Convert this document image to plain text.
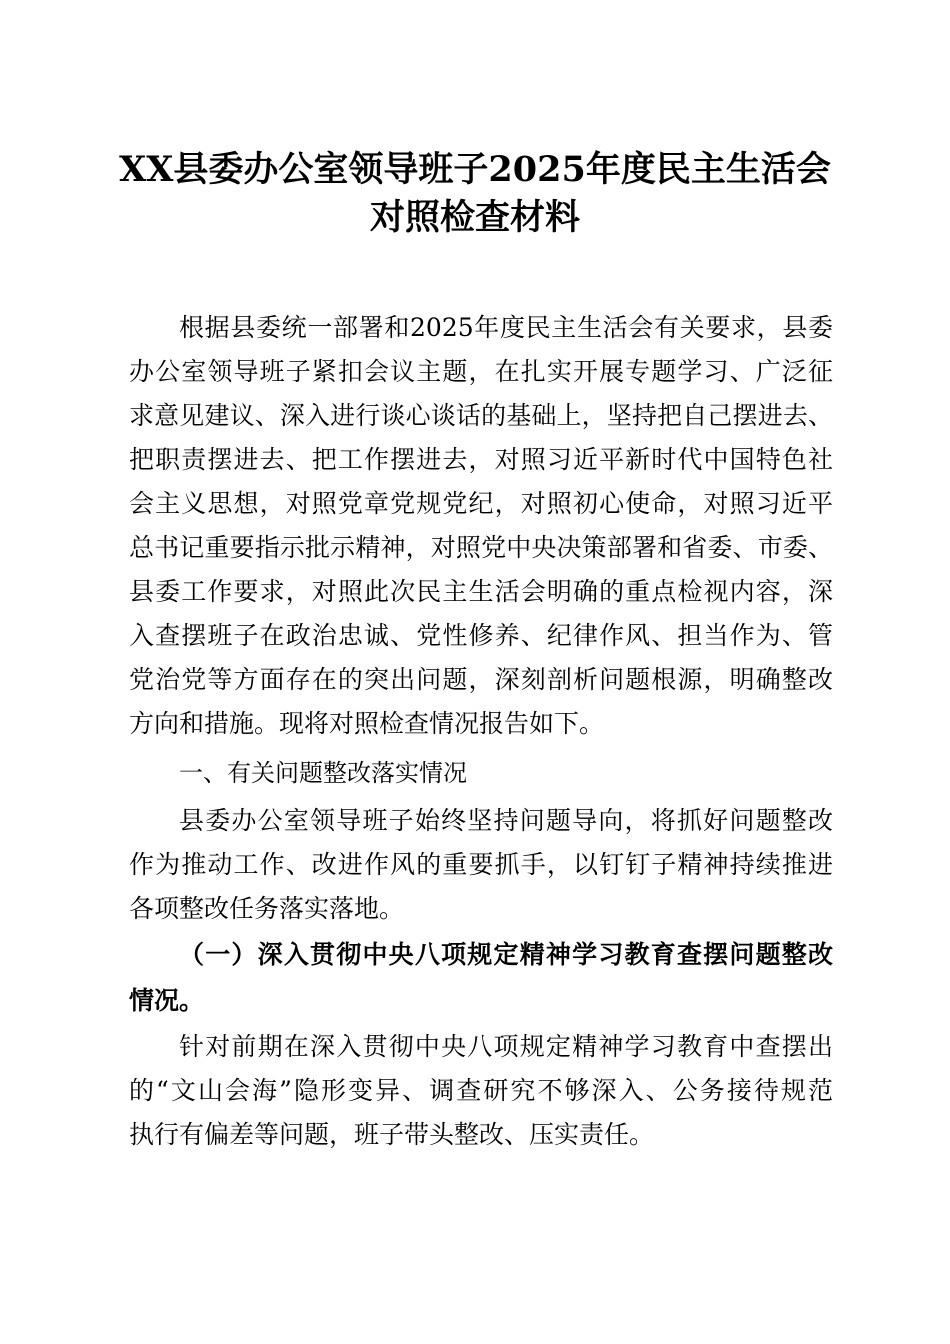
XX县委办公室领导班子2025年度民主生活会
对照检查材料
根据县委统一部署和2025年度民主生活会有关要求，县委
办公室领导班子紧扣会议主题，在扎实开展专题学习、广泛征
求意见建议、深入进行谈心谈话的基础上，坚持把自己摆进去、
把职责摆进去、把工作摆进去，对照习近平新时代中国特色社
会主义思想，对照党章党规党纪，对照初心使命，对照习近平
总书记重要指示批示精神，对照党中央决策部署和省委、市委、
县委工作要求，对照此次民主生活会明确的重点检视内容，深
入查摆班子在政治忠诚、党性修养、纪律作风、担当作为、管
党治党等方面存在的突出问题，深刻剖析问题根源，明确整改
方向和措施。现将对照检查情况报告如下。
一、有关问题整改落实情况
县委办公室领导班子始终坚持问题导向，将抓好问题整改
作为推动工作、改进作风的重要抓手，以钉钉子精神持续推进
各项整改任务落实落地。
（一）深入贯彻中央八项规定精神学习教育查摆问题整改
情况。
针对前期在深入贯彻中央八项规定精神学习教育中查摆出
的“文山会海”隐形变异、调查研究不够深入、公务接待规范
执行有偏差等问题，班子带头整改、压实责任。
